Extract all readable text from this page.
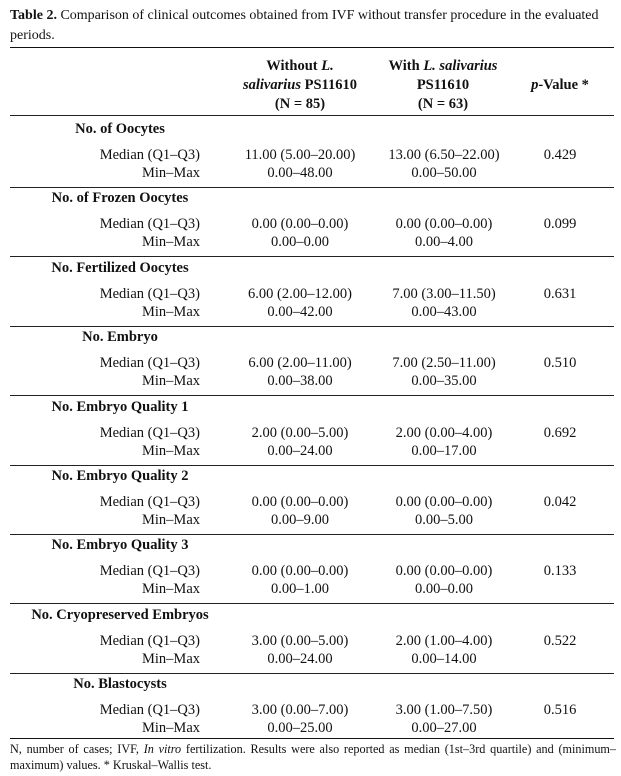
Table 2. Comparison of clinical outcomes obtained from IVF without transfer procedure in the evaluated periods.
Without L.
salivarius PS11610
(N = 85)
With L. salivarius
PS11610
(N = 63)
p-Value *
No. of Oocytes
Median (Q1–Q3)
Min–Max
11.00 (5.00–20.00)
0.00–48.00
13.00 (6.50–22.00)
0.00–50.00
0.429
No. of Frozen Oocytes
Median (Q1–Q3)
Min–Max
0.00 (0.00–0.00)
0.00–0.00
0.00 (0.00–0.00)
0.00–4.00
0.099
No. Fertilized Oocytes
Median (Q1–Q3)
Min–Max
6.00 (2.00–12.00)
0.00–42.00
7.00 (3.00–11.50)
0.00–43.00
0.631
No. Embryo
Median (Q1–Q3)
Min–Max
6.00 (2.00–11.00)
0.00–38.00
7.00 (2.50–11.00)
0.00–35.00
0.510
No. Embryo Quality 1
Median (Q1–Q3)
Min–Max
2.00 (0.00–5.00)
0.00–24.00
2.00 (0.00–4.00)
0.00–17.00
0.692
No. Embryo Quality 2
Median (Q1–Q3)
Min–Max
0.00 (0.00–0.00)
0.00–9.00
0.00 (0.00–0.00)
0.00–5.00
0.042
No. Embryo Quality 3
Median (Q1–Q3)
Min–Max
0.00 (0.00–0.00)
0.00–1.00
0.00 (0.00–0.00)
0.00–0.00
0.133
No. Cryopreserved Embryos
Median (Q1–Q3)
Min–Max
3.00 (0.00–5.00)
0.00–24.00
2.00 (1.00–4.00)
0.00–14.00
0.522
No. Blastocysts
Median (Q1–Q3)
Min–Max
3.00 (0.00–7.00)
0.00–25.00
3.00 (1.00–7.50)
0.00–27.00
0.516
N, number of cases; IVF, In vitro fertilization. Results were also reported as median (1st–3rd quartile) and (minimum–maximum) values. * Kruskal–Wallis test.
